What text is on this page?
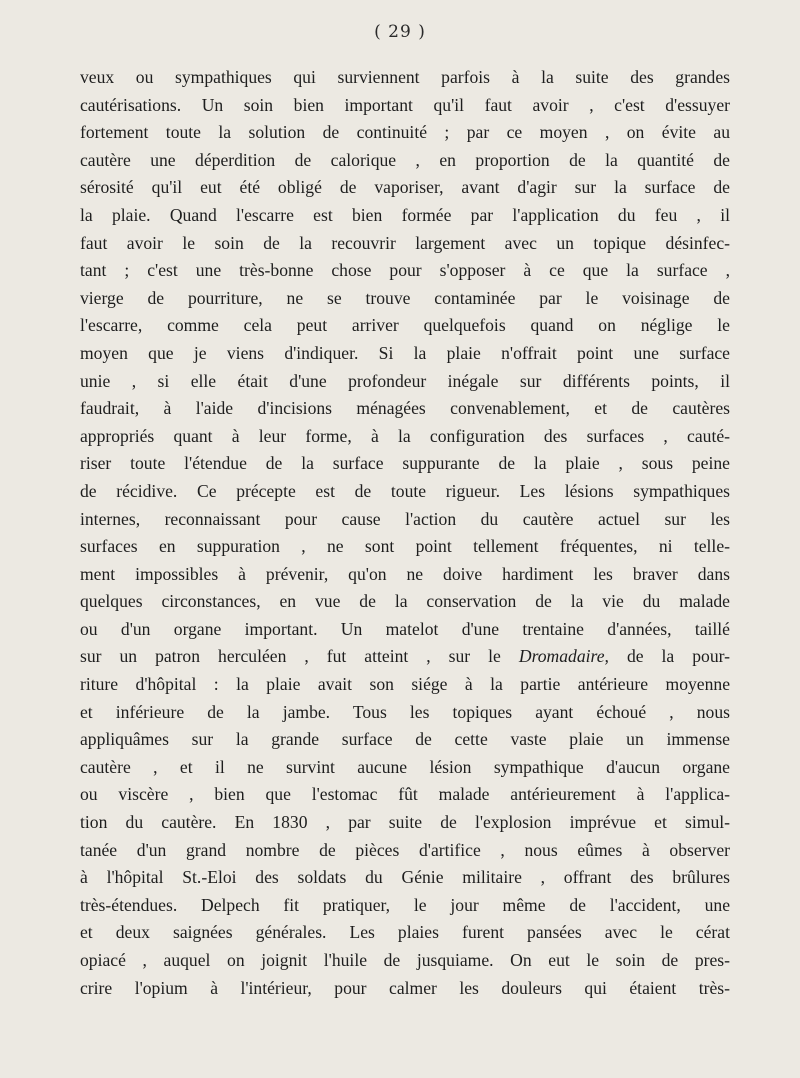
( 29 )
veux ou sympathiques qui surviennent parfois à la suite des grandes
cautérisations. Un soin bien important qu'il faut avoir , c'est d'essuyer
fortement toute la solution de continuité ; par ce moyen , on évite au
cautère une déperdition de calorique , en proportion de la quantité de
sérosité qu'il eut été obligé de vaporiser, avant d'agir sur la surface de
la plaie. Quand l'escarre est bien formée par l'application du feu , il
faut avoir le soin de la recouvrir largement avec un topique désinfec-
tant ; c'est une très-bonne chose pour s'opposer à ce que la surface ,
vierge de pourriture, ne se trouve contaminée par le voisinage de
l'escarre, comme cela peut arriver quelquefois quand on néglige le
moyen que je viens d'indiquer. Si la plaie n'offrait point une surface
unie , si elle était d'une profondeur inégale sur différents points, il
faudrait, à l'aide d'incisions ménagées convenablement, et de cautères
appropriés quant à leur forme, à la configuration des surfaces , cauté-
riser toute l'étendue de la surface suppurante de la plaie , sous peine
de récidive. Ce précepte est de toute rigueur. Les lésions sympathiques
internes, reconnaissant pour cause l'action du cautère actuel sur les
surfaces en suppuration , ne sont point tellement fréquentes, ni telle-
ment impossibles à prévenir, qu'on ne doive hardiment les braver dans
quelques circonstances, en vue de la conservation de la vie du malade
ou d'un organe important. Un matelot d'une trentaine d'années, taillé
sur un patron herculéen , fut atteint , sur le Dromadaire, de la pour-
riture d'hôpital : la plaie avait son siége à la partie antérieure moyenne
et inférieure de la jambe. Tous les topiques ayant échoué , nous
appliquâmes sur la grande surface de cette vaste plaie un immense
cautère , et il ne survint aucune lésion sympathique d'aucun organe
ou viscère , bien que l'estomac fût malade antérieurement à l'applica-
tion du cautère. En 1830 , par suite de l'explosion imprévue et simul-
tanée d'un grand nombre de pièces d'artifice , nous eûmes à observer
à l'hôpital St.-Eloi des soldats du Génie militaire , offrant des brûlures
très-étendues. Delpech fit pratiquer, le jour même de l'accident, une
et deux saignées générales. Les plaies furent pansées avec le cérat
opiacé , auquel on joignit l'huile de jusquiame. On eut le soin de pres-
crire l'opium à l'intérieur, pour calmer les douleurs qui étaient très-
